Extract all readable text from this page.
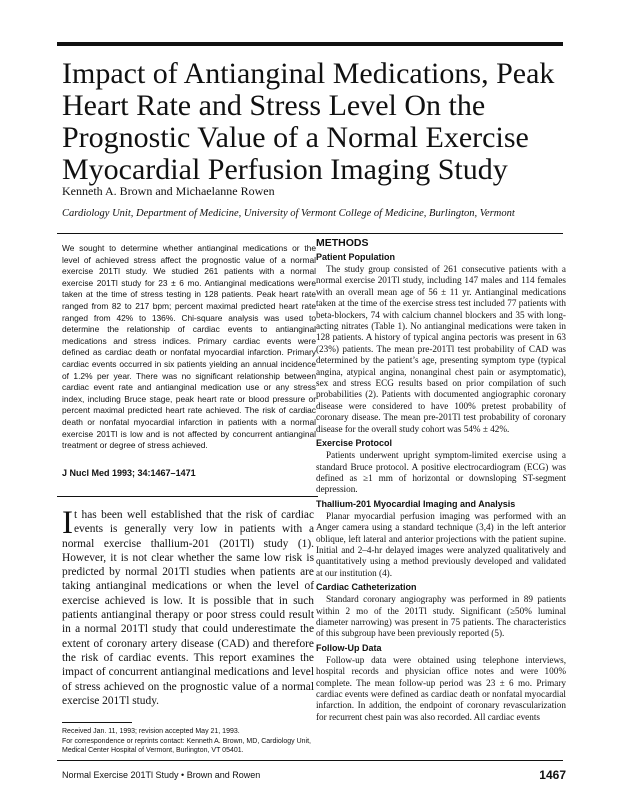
Impact of Antianginal Medications, Peak Heart Rate and Stress Level On the Prognostic Value of a Normal Exercise Myocardial Perfusion Imaging Study
Kenneth A. Brown and Michaelanne Rowen
Cardiology Unit, Department of Medicine, University of Vermont College of Medicine, Burlington, Vermont
We sought to determine whether antianginal medications or the level of achieved stress affect the prognostic value of a normal exercise 201Tl study. We studied 261 patients with a normal exercise 201Tl study for 23 ± 6 mo. Antianginal medications were taken at the time of stress testing in 128 patients. Peak heart rate ranged from 82 to 217 bpm; percent maximal predicted heart rate ranged from 42% to 136%. Chi-square analysis was used to determine the relationship of cardiac events to antianginal medications and stress indices. Primary cardiac events were defined as cardiac death or nonfatal myocardial infarction. Primary cardiac events occurred in six patients yielding an annual incidence of 1.2% per year. There was no significant relationship between cardiac event rate and antianginal medication use or any stress index, including Bruce stage, peak heart rate or blood pressure or percent maximal predicted heart rate achieved. The risk of cardiac death or nonfatal myocardial infarction in patients with a normal exercise 201Tl is low and is not affected by concurrent antianginal treatment or degree of stress achieved.
J Nucl Med 1993; 34:1467–1471
It has been well established that the risk of cardiac events is generally very low in patients with a normal exercise thallium-201 (201Tl) study (1). However, it is not clear whether the same low risk is predicted by normal 201Tl studies when patients are taking antianginal medications or when the level of exercise achieved is low. It is possible that in such patients antianginal therapy or poor stress could result in a normal 201Tl study that could underestimate the extent of coronary artery disease (CAD) and therefore the risk of cardiac events. This report examines the impact of concurrent antianginal medications and level of stress achieved on the prognostic value of a normal exercise 201Tl study.
Received Jan. 11, 1993; revision accepted May 21, 1993.
For correspondence or reprints contact: Kenneth A. Brown, MD, Cardiology Unit, Medical Center Hospital of Vermont, Burlington, VT 05401.
METHODS
Patient Population

The study group consisted of 261 consecutive patients with a normal exercise 201Tl study, including 147 males and 114 females with an overall mean age of 56 ± 11 yr. Antianginal medications taken at the time of the exercise stress test included 77 patients with beta-blockers, 74 with calcium channel blockers and 35 with long-acting nitrates (Table 1). No antianginal medications were taken in 128 patients. A history of typical angina pectoris was present in 63 (23%) patients. The mean pre-201Tl test probability of CAD was determined by the patient’s age, presenting symptom type (typical angina, atypical angina, nonanginal chest pain or asymptomatic), sex and stress ECG results based on prior compilation of such probabilities (2). Patients with documented angiographic coronary disease were considered to have 100% pretest probability of coronary disease. The mean pre-201Tl test probability of coronary disease for the overall study cohort was 54% ± 42%.

Exercise Protocol

Patients underwent upright symptom-limited exercise using a standard Bruce protocol. A positive electrocardiogram (ECG) was defined as ≥1 mm of horizontal or downsloping ST-segment depression.

Thallium-201 Myocardial Imaging and Analysis

Planar myocardial perfusion imaging was performed with an Anger camera using a standard technique (3,4) in the left anterior oblique, left lateral and anterior projections with the patient supine. Initial and 2–4-hr delayed images were analyzed qualitatively and quantitatively using a method previously developed and validated at our institution (4).

Cardiac Catheterization

Standard coronary angiography was performed in 89 patients within 2 mo of the 201Tl study. Significant (≥50% luminal diameter narrowing) was present in 75 patients. The characteristics of this subgroup have been previously reported (5).

Follow-Up Data

Follow-up data were obtained using telephone interviews, hospital records and physician office notes and were 100% complete. The mean follow-up period was 23 ± 6 mo. Primary cardiac events were defined as cardiac death or nonfatal myocardial infarction. In addition, the endpoint of coronary revascularization for recurrent chest pain was also recorded. All cardiac events

Normal Exercise 201Tl Study • Brown and Rowen	1467
